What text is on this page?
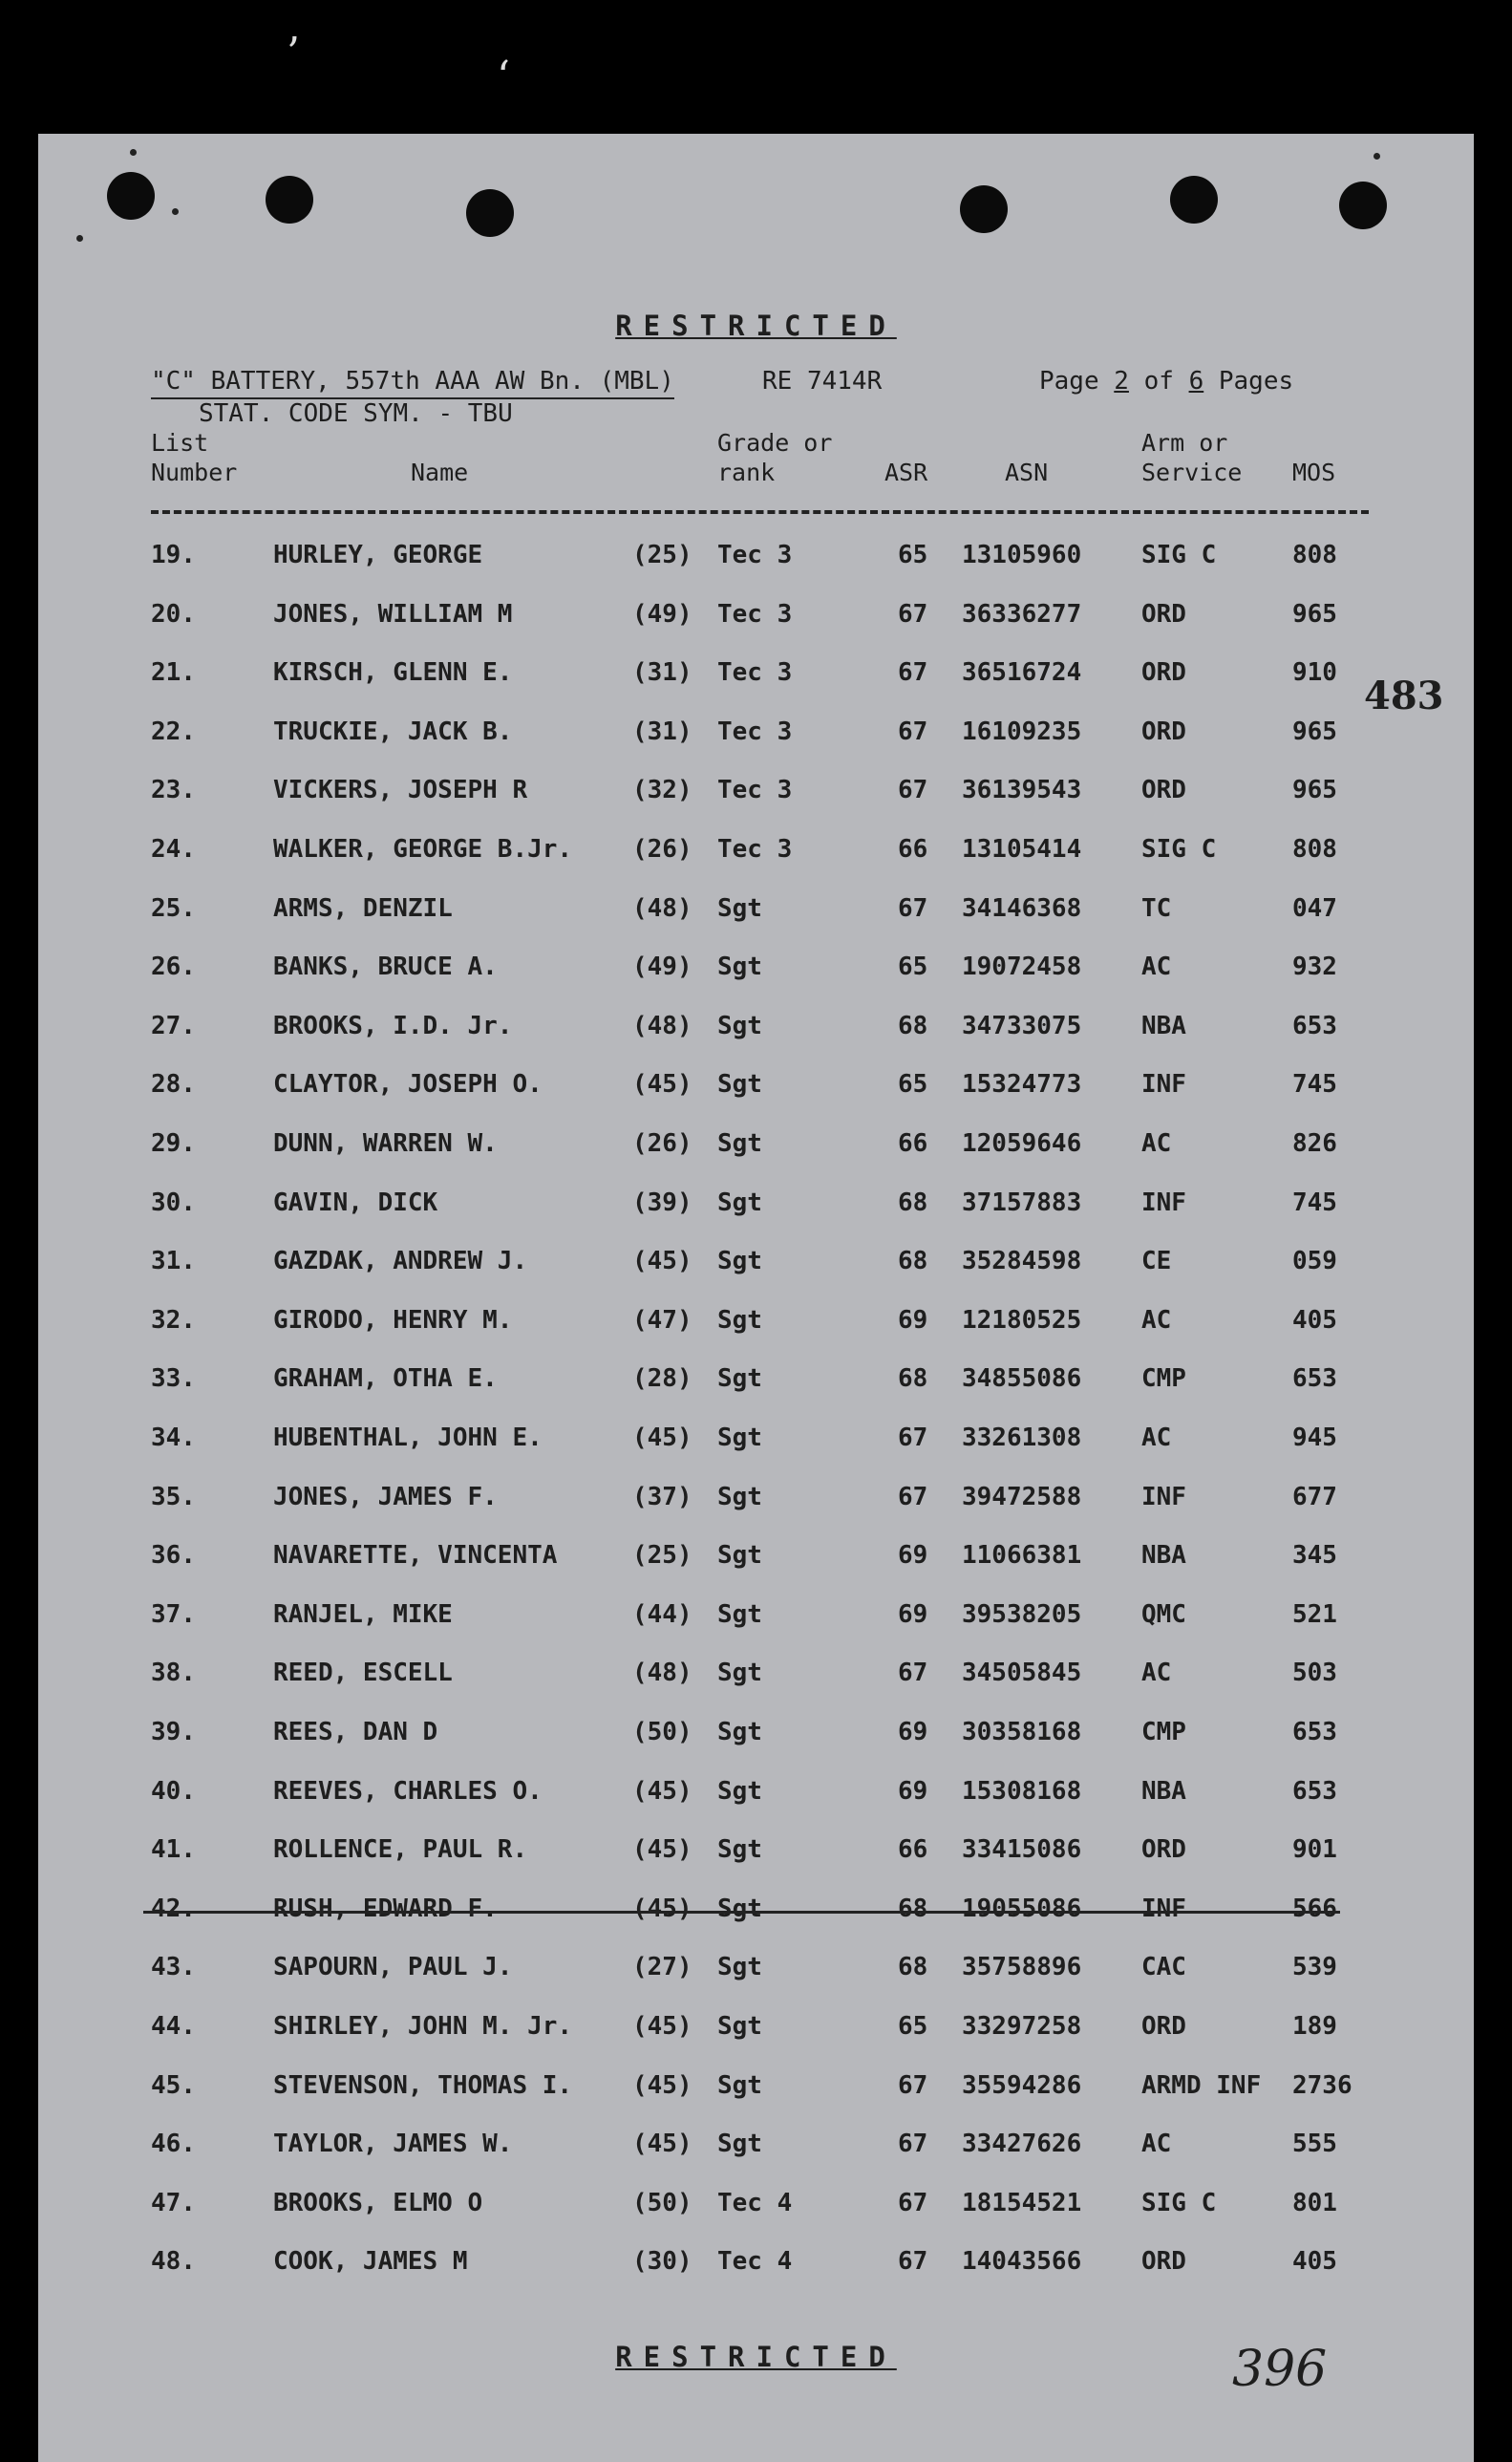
’	‘
RESTRICTED
"C" BATTERY, 557th AAA AW Bn. (MBL)	RE 7414R	Page 2 of 6 Pages
STAT. CODE SYM. - TBU
List
Number	Name
Grade or
rank	ASR	ASN
Arm or
Service MOS
19.	HURLEY, GEORGE	(25) Tec 3	65 13105960 SIG C	808
20.	JONES, WILLIAM M	(49) Tec 3	67 36336277 ORD	965
21.	KIRSCH, GLENN E.	(31) Tec 3	67 36516724 ORD	910
22.	TRUCKIE, JACK B.	(31) Tec 3	67 16109235 ORD	965
23.	VICKERS, JOSEPH R	(32) Tec 3	67 36139543 ORD	965
24.	WALKER, GEORGE B.Jr. (26) Tec 3	66 13105414 SIG C	808
25.	ARMS, DENZIL	(48) Sgt	67 34146368 TC	047
26.	BANKS, BRUCE A.	(49) Sgt	65 19072458 AC	932
27.	BROOKS, I.D. Jr.	(48) Sgt	68 34733075 NBA	653
28.	CLAYTOR, JOSEPH O.	(45) Sgt	65 15324773 INF	745
29.	DUNN, WARREN W.	(26) Sgt	66 12059646 AC	826
30.	GAVIN, DICK	(39) Sgt	68 37157883 INF	745
31.	GAZDAK, ANDREW J.	(45) Sgt	68 35284598 CE	059
32.	GIRODO, HENRY M.	(47) Sgt	69 12180525 AC	405
33.	GRAHAM, OTHA E.	(28) Sgt	68 34855086 CMP	653
34.	HUBENTHAL, JOHN E.	(45) Sgt	67 33261308 AC	945
35.	JONES, JAMES F.	(37) Sgt	67 39472588 INF	677
36.	NAVARETTE, VINCENTA	(25) Sgt	69 11066381 NBA	345
37.	RANJEL, MIKE	(44) Sgt	69 39538205 QMC	521
38.	REED, ESCELL	(48) Sgt	67 34505845 AC	503
39.	REES, DAN D	(50) Sgt	69 30358168 CMP	653
40.	REEVES, CHARLES O.	(45) Sgt	69 15308168 NBA	653
41.	ROLLENCE, PAUL R.	(45) Sgt	66 33415086 ORD	901
42.	RUSH, EDWARD F.	(45) Sgt	68 19055086 INF	566
43.	SAPOURN, PAUL J.	(27) Sgt	68 35758896 CAC	539
44.	SHIRLEY, JOHN M. Jr. (45) Sgt	65 33297258 ORD	189
45.	STEVENSON, THOMAS I. (45) Sgt	67 35594286 ARMD INF 2736
46.	TAYLOR, JAMES W.	(45) Sgt	67 33427626 AC	555
47.	BROOKS, ELMO O	(50) Tec 4	67 18154521 SIG C	801
48.	COOK, JAMES M	(30) Tec 4	67 14043566 ORD	405
483
RESTRICTED	396
